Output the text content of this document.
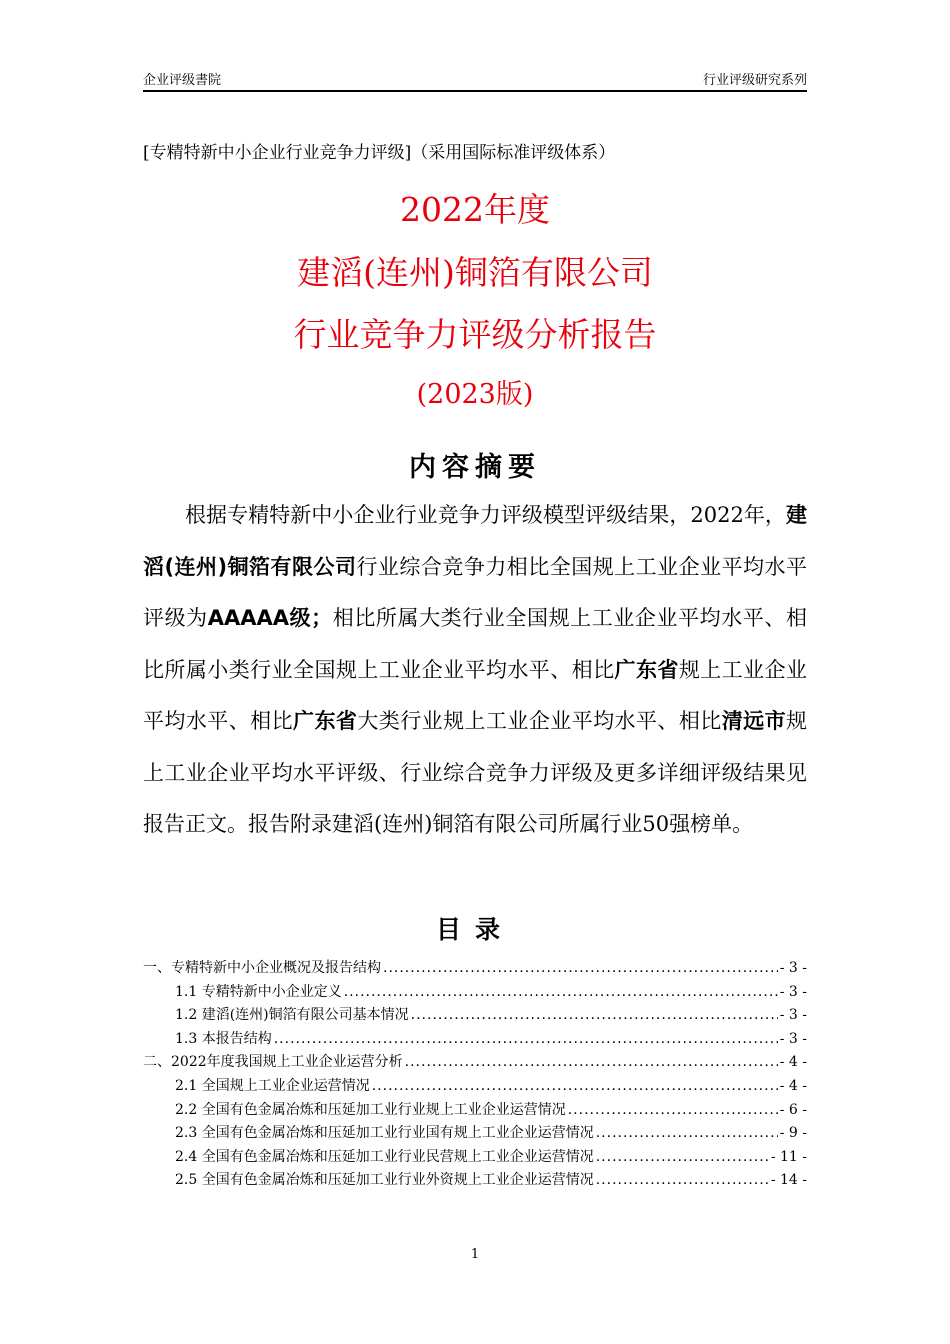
企业评级書院	行业评级研究系列
[专精特新中小企业行业竞争力评级]（采用国际标准评级体系）
2022年度
建滔(连州)铜箔有限公司
行业竞争力评级分析报告
(2023版)
内容摘要

根据专精特新中小企业行业竞争力评级模型评级结果，2022年，建滔(连州)铜箔有限公司行业综合竞争力相比全国规上工业企业平均水平评级为AAAAA级；相比所属大类行业全国规上工业企业平均水平、相比所属小类行业全国规上工业企业平均水平、相比广东省规上工业企业平均水平、相比广东省大类行业规上工业企业平均水平、相比清远市规上工业企业平均水平评级、行业综合竞争力评级及更多详细评级结果见报告正文。报告附录建滔(连州)铜箔有限公司所属行业50强榜单。

目录
一、专精特新中小企业概况及报告结构 .....	- 3 -
1.1 专精特新中小企业定义 .....	- 3 -
1.2 建滔(连州)铜箔有限公司基本情况 .....	- 3 -
1.3 本报告结构 .....	- 3 -
二、2022年度我国规上工业企业运营分析 .....	- 4 -
2.1 全国规上工业企业运营情况 .....	- 4 -
2.2 全国有色金属冶炼和压延加工业行业规上工业企业运营情况 .....	- 6 -
2.3 全国有色金属冶炼和压延加工业行业国有规上工业企业运营情况 .....	- 9 -
2.4 全国有色金属冶炼和压延加工业行业民营规上工业企业运营情况 .....	- 11 -
2.5 全国有色金属冶炼和压延加工业行业外资规上工业企业运营情况 .....	- 14 -
1
